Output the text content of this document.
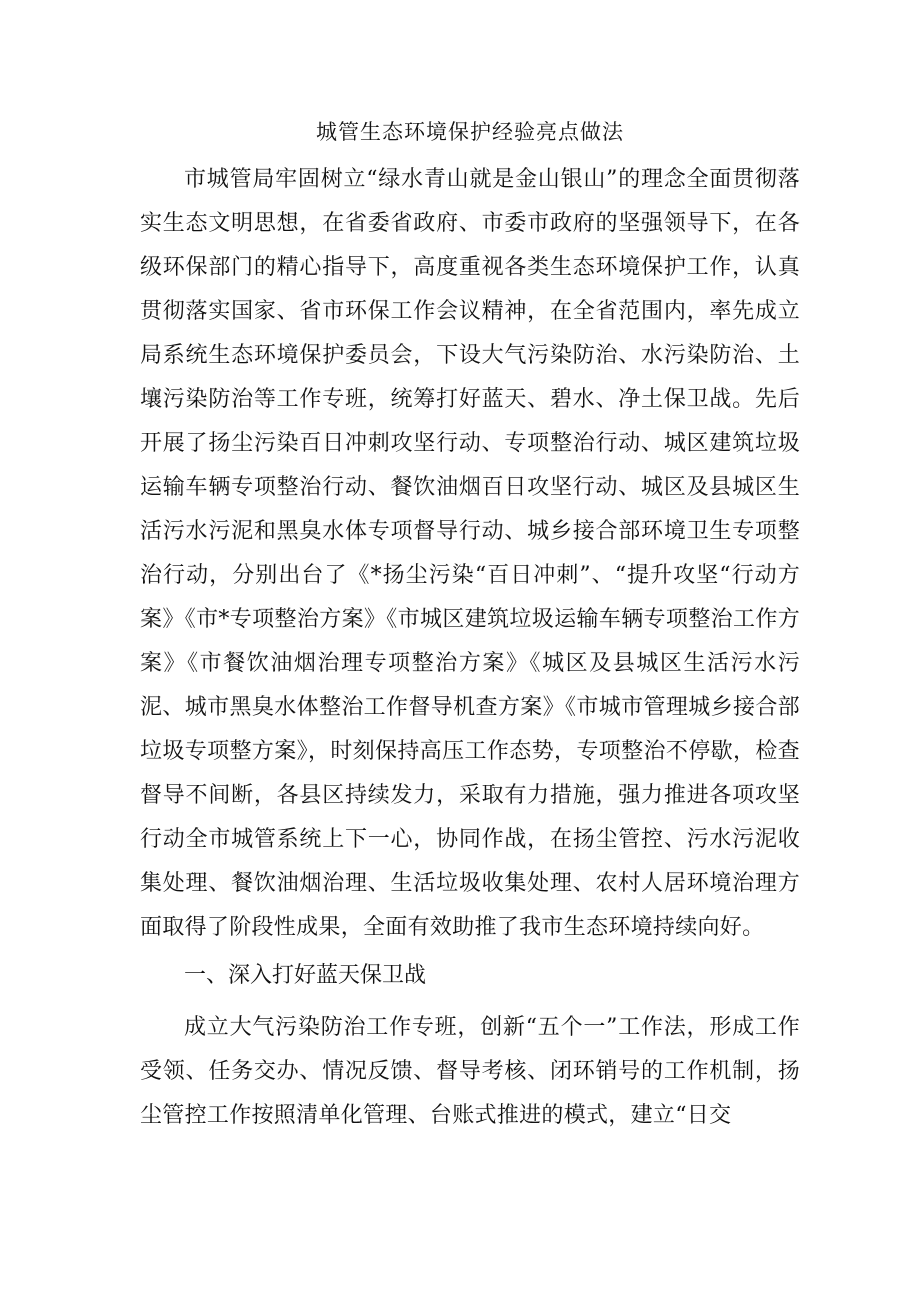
城管生态环境保护经验亮点做法

市城管局牢固树立“绿水青山就是金山银山”的理念全面贯彻落实生态文明思想，在省委省政府、市委市政府的坚强领导下，在各级环保部门的精心指导下，高度重视各类生态环境保护工作，认真贯彻落实国家、省市环保工作会议精神，在全省范围内，率先成立局系统生态环境保护委员会，下设大气污染防治、水污染防治、土壤污染防治等工作专班，统筹打好蓝天、碧水、净土保卫战。先后开展了扬尘污染百日冲刺攻坚行动、专项整治行动、城区建筑垃圾运输车辆专项整治行动、餐饮油烟百日攻坚行动、城区及县城区生活污水污泥和黑臭水体专项督导行动、城乡接合部环境卫生专项整治行动，分别出台了《*扬尘污染“百日冲刺”、“提升攻坚“行动方案》《市*专项整治方案》《市城区建筑垃圾运输车辆专项整治工作方案》《市餐饮油烟治理专项整治方案》《城区及县城区生活污水污泥、城市黑臭水体整治工作督导机查方案》《市城市管理城乡接合部垃圾专项整方案》，时刻保持高压工作态势，专项整治不停歇，检查督导不间断，各县区持续发力，采取有力措施，强力推进各项攻坚行动全市城管系统上下一心，协同作战，在扬尘管控、污水污泥收集处理、餐饮油烟治理、生活垃圾收集处理、农村人居环境治理方面取得了阶段性成果，全面有效助推了我市生态环境持续向好。

一、深入打好蓝天保卫战

成立大气污染防治工作专班，创新“五个一”工作法，形成工作受领、任务交办、情况反馈、督导考核、闭环销号的工作机制，扬尘管控工作按照清单化管理、台账式推进的模式，建立“日交
